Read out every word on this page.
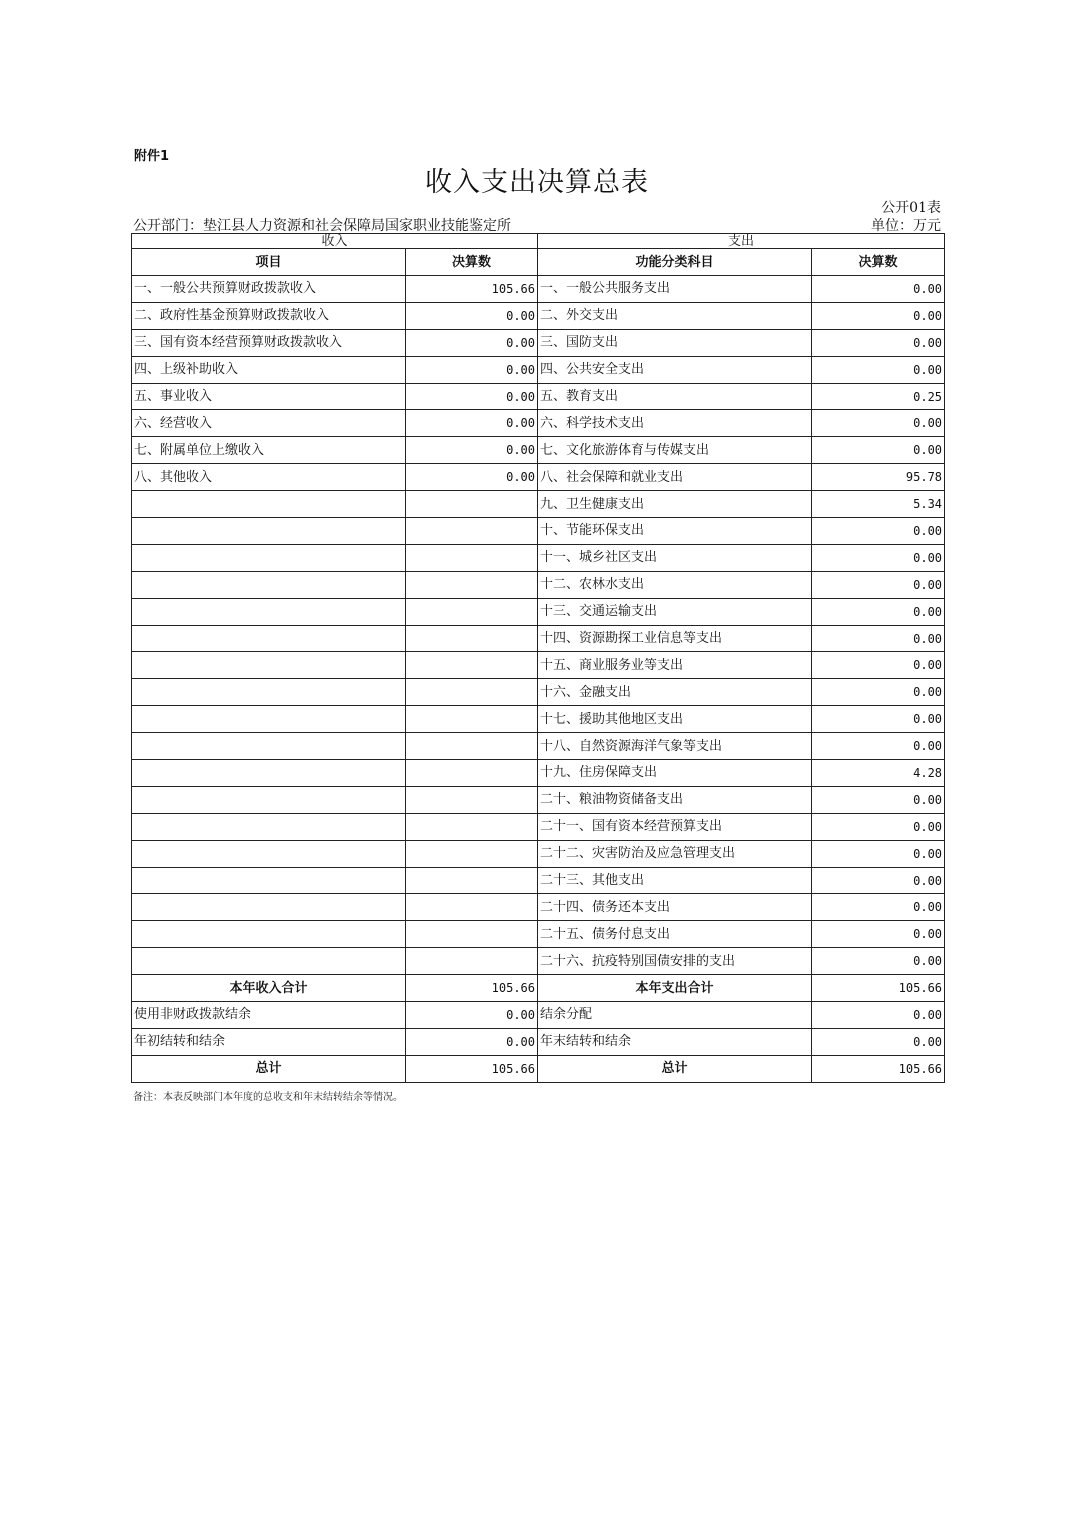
附件1
收入支出决算总表
公开01表
公开部门：垫江县人力资源和社会保障局国家职业技能鉴定所	单位：万元
收入		支出	
项目	决算数	功能分类科目	决算数
一、一般公共预算财政拨款收入	105.66	一、一般公共服务支出	0.00
二、政府性基金预算财政拨款收入	0.00	二、外交支出	0.00
三、国有资本经营预算财政拨款收入	0.00	三、国防支出	0.00
四、上级补助收入	0.00	四、公共安全支出	0.00
五、事业收入	0.00	五、教育支出	0.25
六、经营收入	0.00	六、科学技术支出	0.00
七、附属单位上缴收入	0.00	七、文化旅游体育与传媒支出	0.00
八、其他收入	0.00	八、社会保障和就业支出	95.78
		九、卫生健康支出	5.34
		十、节能环保支出	0.00
		十一、城乡社区支出	0.00
		十二、农林水支出	0.00
		十三、交通运输支出	0.00
		十四、资源勘探工业信息等支出	0.00
		十五、商业服务业等支出	0.00
		十六、金融支出	0.00
		十七、援助其他地区支出	0.00
		十八、自然资源海洋气象等支出	0.00
		十九、住房保障支出	4.28
		二十、粮油物资储备支出	0.00
		二十一、国有资本经营预算支出	0.00
		二十二、灾害防治及应急管理支出	0.00
		二十三、其他支出	0.00
		二十四、债务还本支出	0.00
		二十五、债务付息支出	0.00
		二十六、抗疫特别国债安排的支出	0.00
本年收入合计	105.66	本年支出合计	105.66
使用非财政拨款结余	0.00	结余分配	0.00
年初结转和结余	0.00	年末结转和结余	0.00
总计	105.66	总计	105.66
备注：本表反映部门本年度的总收支和年末结转结余等情况。
